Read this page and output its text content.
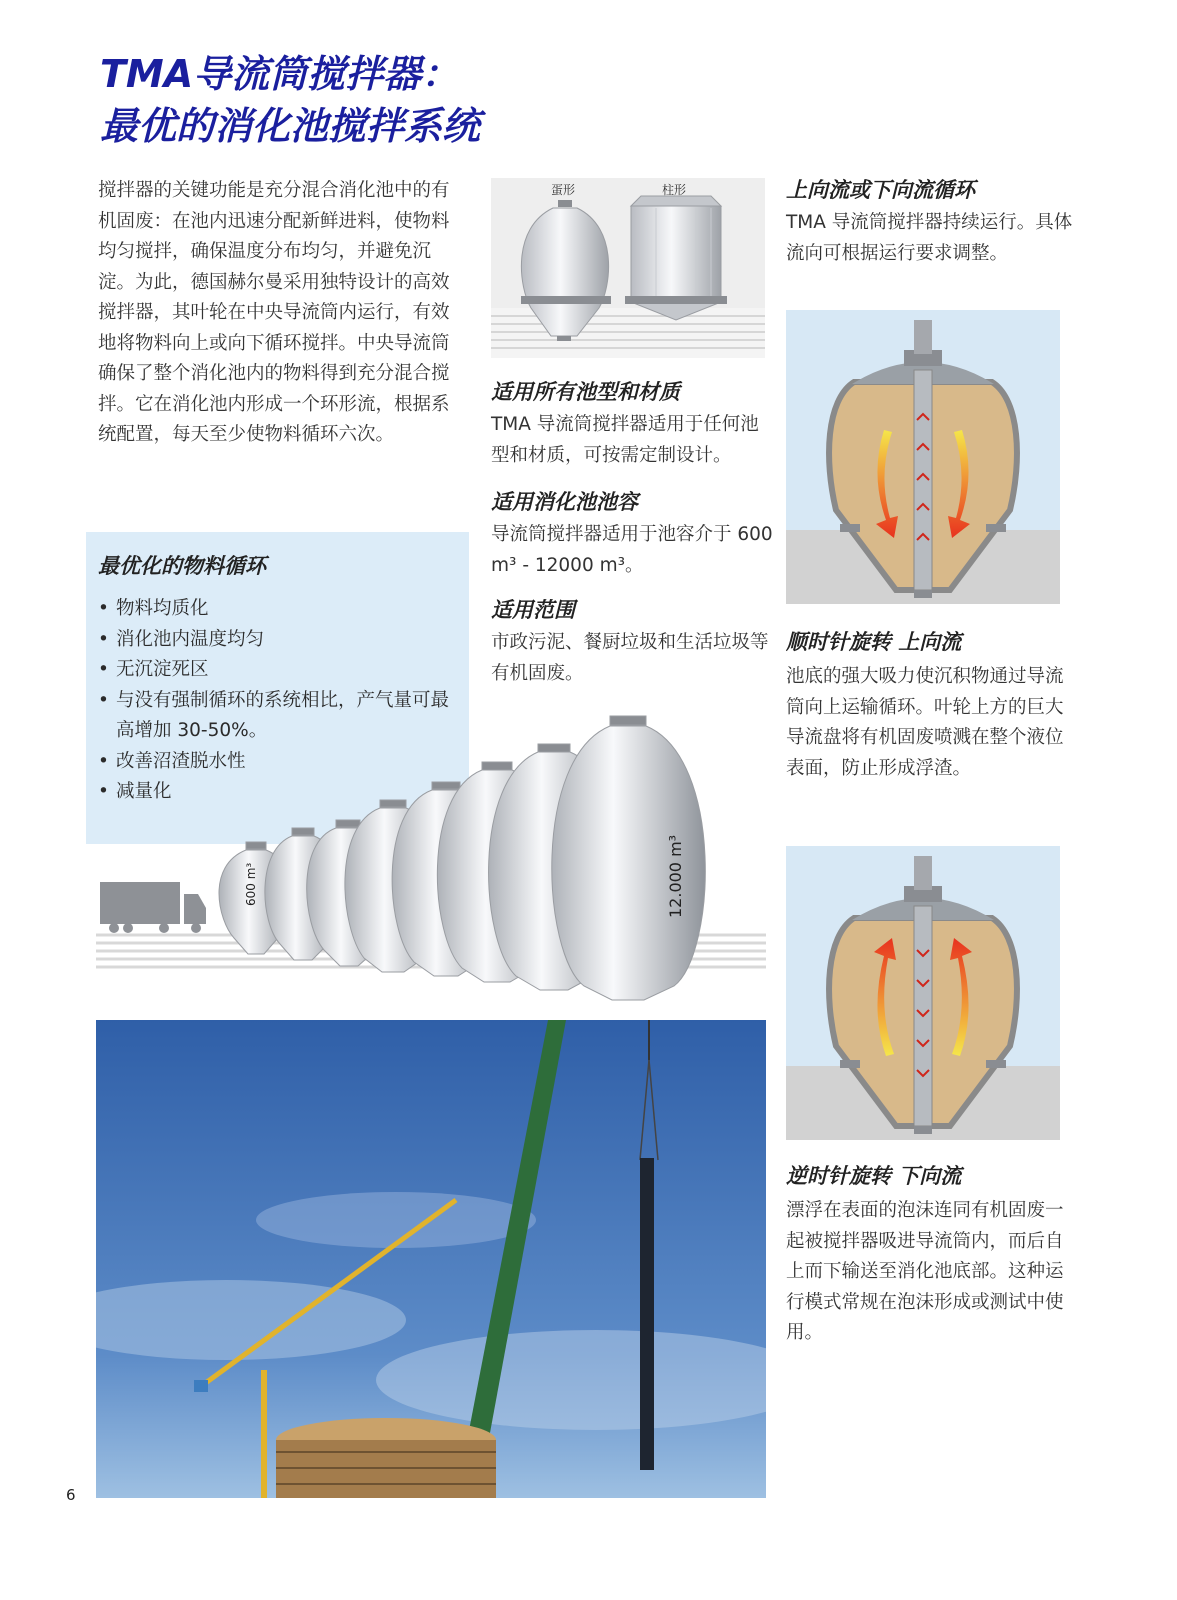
TMA导流筒搅拌器：
最优的消化池搅拌系统
搅拌器的关键功能是充分混合消化池中的有机固废：在池内迅速分配新鲜进料，使物料均匀搅拌，确保温度分布均匀，并避免沉淀。为此，德国赫尔曼采用独特设计的高效搅拌器，其叶轮在中央导流筒内运行，有效地将物料向上或向下循环搅拌。中央导流筒确保了整个消化池内的物料得到充分混合搅拌。它在消化池内形成一个环形流，根据系统配置，每天至少使物料循环六次。
最优化的物料循环
• 物料均质化
• 消化池内温度均匀
• 无沉淀死区
• 与没有强制循环的系统相比，产气量可最高增加 30-50%。
• 改善沼渣脱水性
• 减量化
蛋形	柱形
适用所有池型和材质
TMA 导流筒搅拌器适用于任何池型和材质，可按需定制设计。
适用消化池池容
导流筒搅拌器适用于池容介于 600 m³ - 12000 m³。
适用范围
市政污泥、餐厨垃圾和生活垃圾等有机固废。
上向流或下向流循环
TMA 导流筒搅拌器持续运行。具体流向可根据运行要求调整。
顺时针旋转 上向流
池底的强大吸力使沉积物通过导流筒向上运输循环。叶轮上方的巨大导流盘将有机固废喷溅在整个液位表面，防止形成浮渣。
逆时针旋转 下向流
漂浮在表面的泡沫连同有机固废一起被搅拌器吸进导流筒内，而后自上而下输送至消化池底部。这种运行模式常规在泡沫形成或测试中使用。
600 m³	12.000 m³
6
